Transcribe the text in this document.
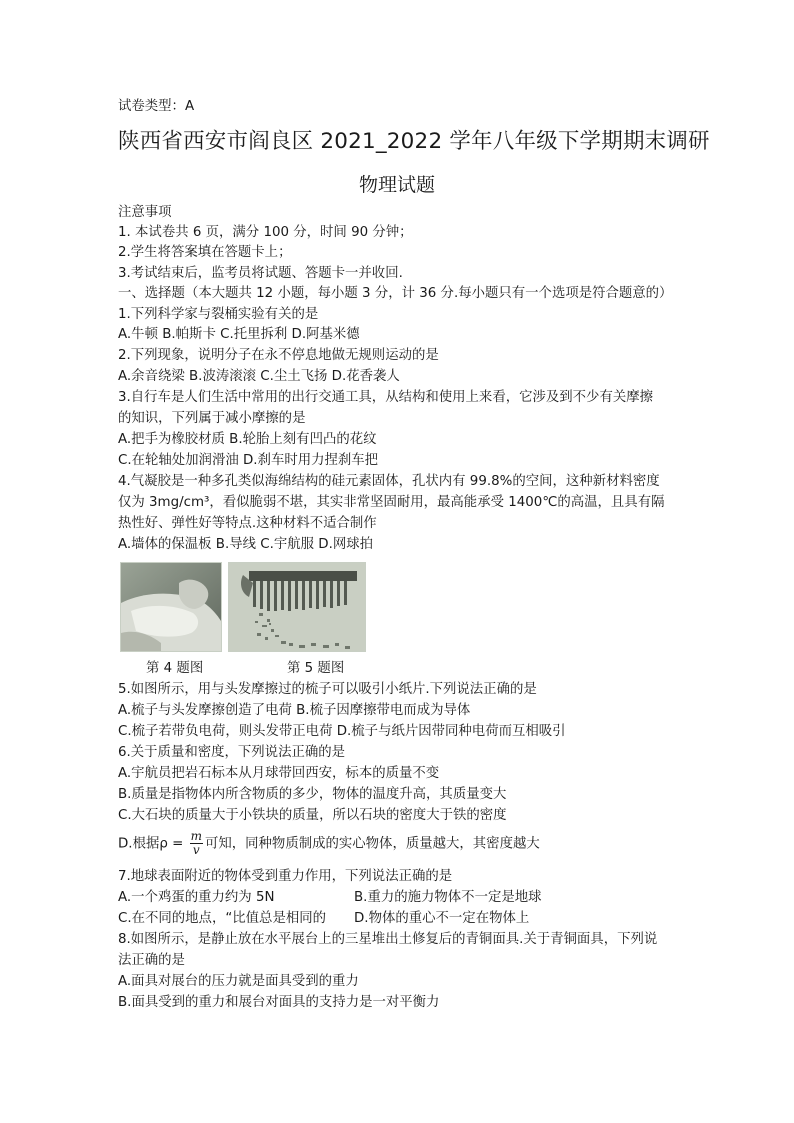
试卷类型：A
陕西省西安市阎良区 2021_2022 学年八年级下学期期末调研
物理试题
注意事项
1. 本试卷共 6 页，满分 100 分，时间 90 分钟；
2.学生将答案填在答题卡上；
3.考试结束后，监考员将试题、答题卡一并收回.
一、选择题（本大题共 12 小题，每小题 3 分，计 36 分.每小题只有一个选项是符合题意的）
1.下列科学家与裂桶实验有关的是
A.牛顿 B.帕斯卡 C.托里拆利 D.阿基米德
2.下列现象，说明分子在永不停息地做无规则运动的是
A.余音绕梁 B.波涛滚滚 C.尘土飞扬 D.花香袭人
3.自行车是人们生活中常用的出行交通工具，从结构和使用上来看，它涉及到不少有关摩擦
的知识，下列属于减小摩擦的是
A.把手为橡胶材质 B.轮胎上刻有凹凸的花纹
C.在轮轴处加润滑油 D.刹车时用力捏刹车把
4.气凝胶是一种多孔类似海绵结构的硅元素固体，孔状内有 99.8%的空间，这种新材料密度
仅为 3mg/cm³，看似脆弱不堪，其实非常坚固耐用，最高能承受 1400℃的高温，且具有隔
热性好、弹性好等特点.这种材料不适合制作
A.墙体的保温板 B.导线 C.宇航服 D.网球拍
第 4 题图	第 5 题图
5.如图所示，用与头发摩擦过的梳子可以吸引小纸片.下列说法正确的是
A.梳子与头发摩擦创造了电荷 B.梳子因摩擦带电而成为导体
C.梳子若带负电荷，则头发带正电荷 D.梳子与纸片因带同种电荷而互相吸引
6.关于质量和密度，下列说法正确的是
A.宇航员把岩石标本从月球带回西安，标本的质量不变
B.质量是指物体内所含物质的多少，物体的温度升高，其质量变大
C.大石块的质量大于小铁块的质量，所以石块的密度大于铁的密度
D.根据$\rho = \frac{m}{v}$ 可知，同种物质制成的实心物体，质量越大，其密度越大
7.地球表面附近的物体受到重力作用，下列说法正确的是
A.一个鸡蛋的重力约为 5N	B.重力的施力物体不一定是地球
C.在不同的地点，“比值总是相同的 D.物体的重心不一定在物体上
8.如图所示，是静止放在水平展台上的三星堆出土修复后的青铜面具.关于青铜面具，下列说
法正确的是
A.面具对展台的压力就是面具受到的重力
B.面具受到的重力和展台对面具的支持力是一对平衡力
